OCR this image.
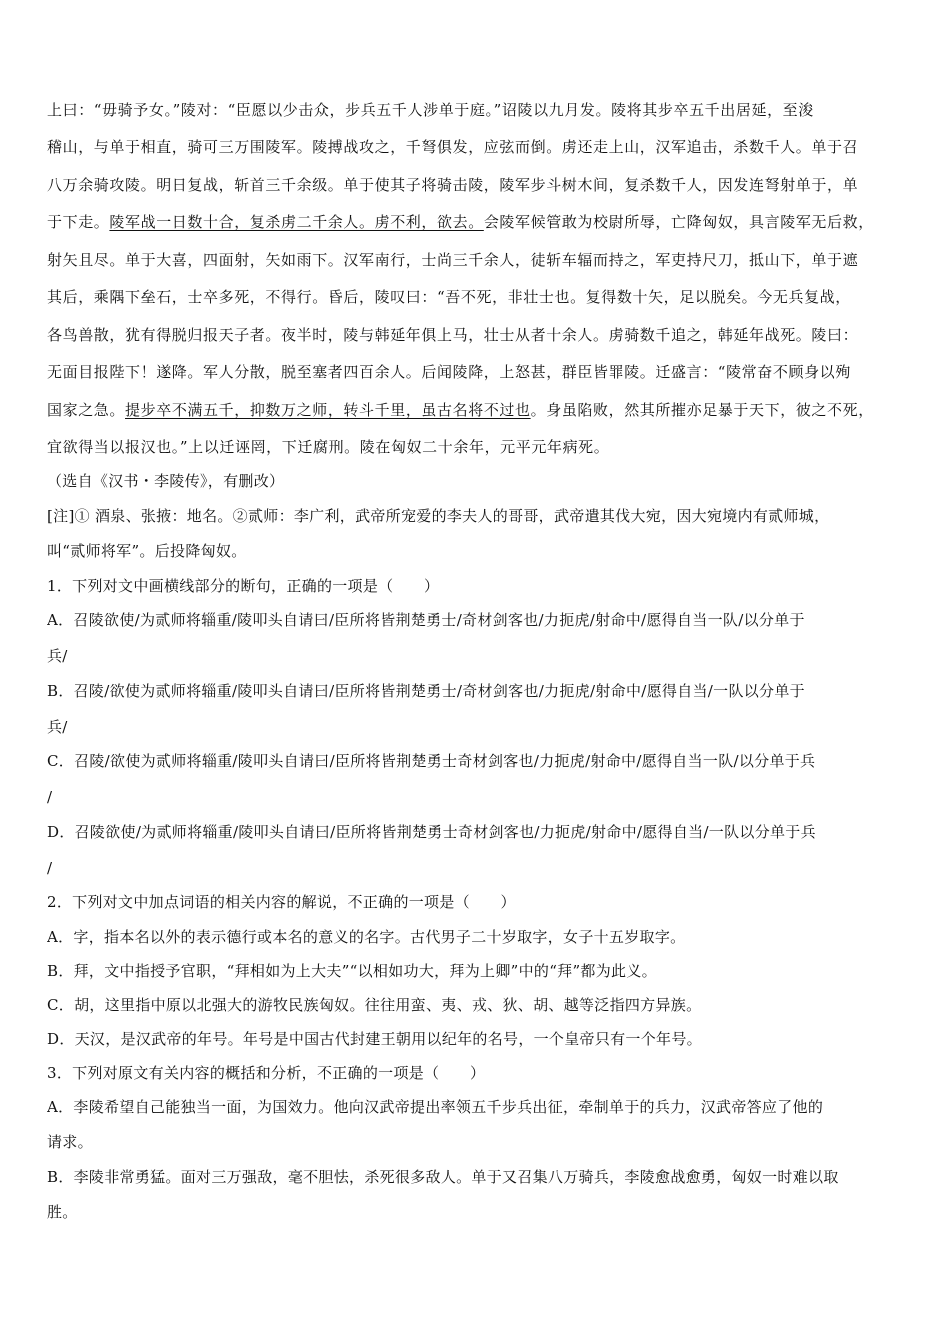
上曰：“毋骑予女。”陵对：“臣愿以少击众，步兵五千人涉单于庭。”诏陵以九月发。陵将其步卒五千出居延，至浚
稽山，与单于相直，骑可三万围陵军。陵搏战攻之，千弩俱发，应弦而倒。虏还走上山，汉军追击，杀数千人。单于召
八万余骑攻陵。明日复战，斩首三千余级。单于使其子将骑击陵，陵军步斗树木间，复杀数千人，因发连弩射单于，单
于下走。陵军战一日数十合，复杀虏二千余人。虏不利，欲去。会陵军候管敢为校尉所辱，亡降匈奴，具言陵军无后救，
射矢且尽。单于大喜，四面射，矢如雨下。汉军南行，士尚三千余人，徒斩车辐而持之，军吏持尺刀，抵山下，单于遮
其后，乘隅下垒石，士卒多死，不得行。昏后，陵叹曰：“吾不死，非壮士也。复得数十矢，足以脱矣。今无兵复战，
各鸟兽散，犹有得脱归报天子者。夜半时，陵与韩延年俱上马，壮士从者十余人。虏骑数千追之，韩延年战死。陵曰：
无面目报陛下！遂降。军人分散，脱至塞者四百余人。后闻陵降，上怒甚，群臣皆罪陵。迁盛言：“陵常奋不顾身以殉
国家之急。提步卒不满五千，抑数万之师，转斗千里，虽古名将不过也。身虽陷败，然其所摧亦足暴于天下，彼之不死，
宜欲得当以报汉也。”上以迁诬罔，下迁腐刑。陵在匈奴二十余年，元平元年病死。
（选自《汉书・李陵传》，有删改）
[注]① 酒泉、张掖：地名。②贰师：李广利，武帝所宠爱的李夫人的哥哥，武帝遣其伐大宛，因大宛境内有贰师城，
叫“贰师将军”。后投降匈奴。
1．下列对文中画横线部分的断句，正确的一项是（　　）
A．召陵欲使/为贰师将辎重/陵叩头自请曰/臣所将皆荆楚勇士/奇材剑客也/力扼虎/射命中/愿得自当一队/以分单于
兵/
B．召陵/欲使为贰师将辎重/陵叩头自请曰/臣所将皆荆楚勇士/奇材剑客也/力扼虎/射命中/愿得自当/一队以分单于
兵/
C．召陵/欲使为贰师将辎重/陵叩头自请曰/臣所将皆荆楚勇士奇材剑客也/力扼虎/射命中/愿得自当一队/以分单于兵
/
D．召陵欲使/为贰师将辎重/陵叩头自请曰/臣所将皆荆楚勇士奇材剑客也/力扼虎/射命中/愿得自当/一队以分单于兵
/
2．下列对文中加点词语的相关内容的解说，不正确的一项是（　　）
A．字，指本名以外的表示德行或本名的意义的名字。古代男子二十岁取字，女子十五岁取字。
B．拜，文中指授予官职，“拜相如为上大夫”“以相如功大，拜为上卿”中的“拜”都为此义。
C．胡，这里指中原以北强大的游牧民族匈奴。往往用蛮、夷、戎、狄、胡、越等泛指四方异族。
D．天汉，是汉武帝的年号。年号是中国古代封建王朝用以纪年的名号，一个皇帝只有一个年号。
3．下列对原文有关内容的概括和分析，不正确的一项是（　　）
A．李陵希望自己能独当一面，为国效力。他向汉武帝提出率领五千步兵出征，牵制单于的兵力，汉武帝答应了他的
请求。
B．李陵非常勇猛。面对三万强敌，毫不胆怯，杀死很多敌人。单于又召集八万骑兵，李陵愈战愈勇，匈奴一时难以取
胜。
